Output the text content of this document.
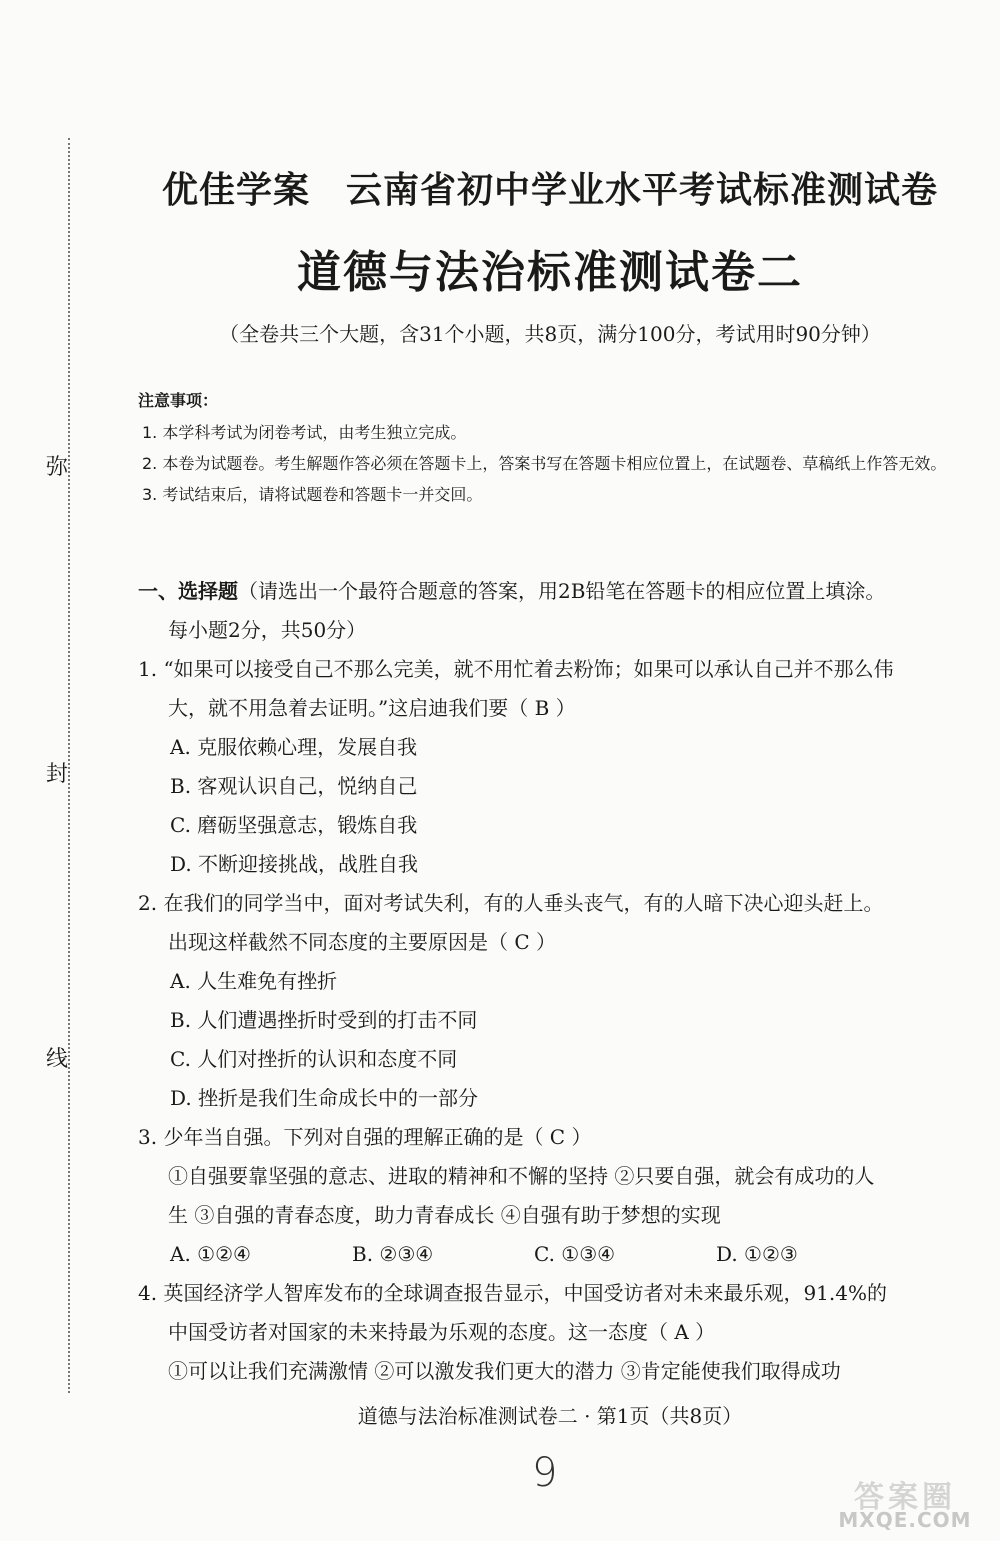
弥
封
线
优佳学案 云南省初中学业水平考试标准测试卷
道德与法治标准测试卷二
（全卷共三个大题，含31个小题，共8页，满分100分，考试用时90分钟）
注意事项：
1. 本学科考试为闭卷考试，由考生独立完成。
2. 本卷为试题卷。考生解题作答必须在答题卡上，答案书写在答题卡相应位置上，在试题卷、草稿纸上作答无效。
3. 考试结束后，请将试题卷和答题卡一并交回。
一、选择题（请选出一个最符合题意的答案，用2B铅笔在答题卡的相应位置上填涂。
每小题2分，共50分）
1. “如果可以接受自己不那么完美，就不用忙着去粉饰；如果可以承认自己并不那么伟
大，就不用急着去证明。”这启迪我们要（ B ）
A. 克服依赖心理，发展自我
B. 客观认识自己，悦纳自己
C. 磨砺坚强意志，锻炼自我
D. 不断迎接挑战，战胜自我
2. 在我们的同学当中，面对考试失利，有的人垂头丧气，有的人暗下决心迎头赶上。
出现这样截然不同态度的主要原因是（ C ）
A. 人生难免有挫折
B. 人们遭遇挫折时受到的打击不同
C. 人们对挫折的认识和态度不同
D. 挫折是我们生命成长中的一部分
3. 少年当自强。下列对自强的理解正确的是（ C ）
①自强要靠坚强的意志、进取的精神和不懈的坚持 ②只要自强，就会有成功的人
生 ③自强的青春态度，助力青春成长 ④自强有助于梦想的实现
A. ①②④	B. ②③④	C. ①③④	D. ①②③
4. 英国经济学人智库发布的全球调查报告显示，中国受访者对未来最乐观，91.4%的
中国受访者对国家的未来持最为乐观的态度。这一态度（ A ）
①可以让我们充满激情 ②可以激发我们更大的潜力 ③肯定能使我们取得成功
道德与法治标准测试卷二 · 第1页（共8页）
9
答案圈
MXQE.COM
